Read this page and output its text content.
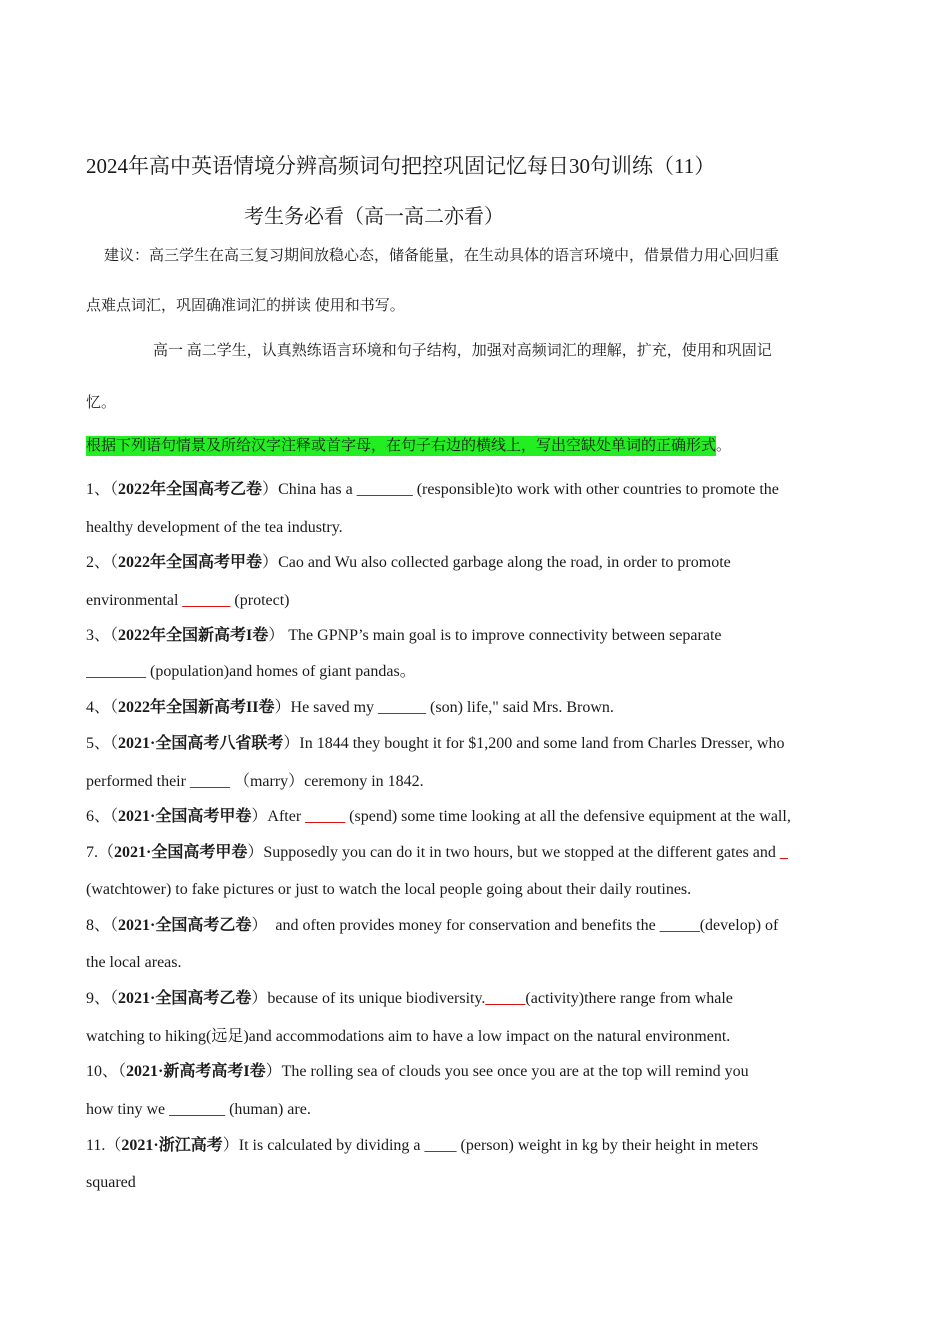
2024年高中英语情境分辨高频词句把控巩固记忆每日30句训练（11）
考生务必看（高一高二亦看）
建议：高三学生在高三复习期间放稳心态，储备能量，在生动具体的语言环境中，借景借力用心回归重
点难点词汇，巩固确准词汇的拼读 使用和书写。
高一 高二学生，认真熟练语言环境和句子结构，加强对高频词汇的理解，扩充，使用和巩固记
忆。
根据下列语句情景及所给汉字注释或首字母，在句子右边的横线上，写出空缺处单词的正确形式。
1、（2022年全国高考乙卷）China has a _______ (responsible)to work with other countries to promote the
healthy development of the tea industry.
2、（2022年全国高考甲卷）Cao and Wu also collected garbage along the road, in order to promote
environmental ______ (protect)
3、（2022年全国新高考I卷） The GPNP’s main goal is to improve connectivity between separate
_______ (population)and homes of giant pandas。
4、（2022年全国新高考II卷）He saved my ______ (son) life," said Mrs. Brown.
5、（2021·全国高考八省联考）In 1844 they bought it for $1,200 and some land from Charles Dresser, who
performed their _____ （marry）ceremony in 1842.
6、（2021·全国高考甲卷）After _____ (spend) some time looking at all the defensive equipment at the wall,
7.（2021·全国高考甲卷）Supposedly you can do it in two hours, but we stopped at the different gates and _
(watchtower) to fake pictures or just to watch the local people going about their daily routines.
8、（2021·全国高考乙卷）  and often provides money for conservation and benefits the _____(develop) of
the local areas.
9、（2021·全国高考乙卷）because of its unique biodiversity._____(activity)there range from whale
watching to hiking(远足)and accommodations aim to have a low impact on the natural environment.
10、（2021·新高考高考I卷）The rolling sea of clouds you see once you are at the top will remind you
how tiny we _______ (human) are.
11.（2021·浙江高考）It is calculated by dividing a ____ (person) weight in kg by their height in meters
squared
